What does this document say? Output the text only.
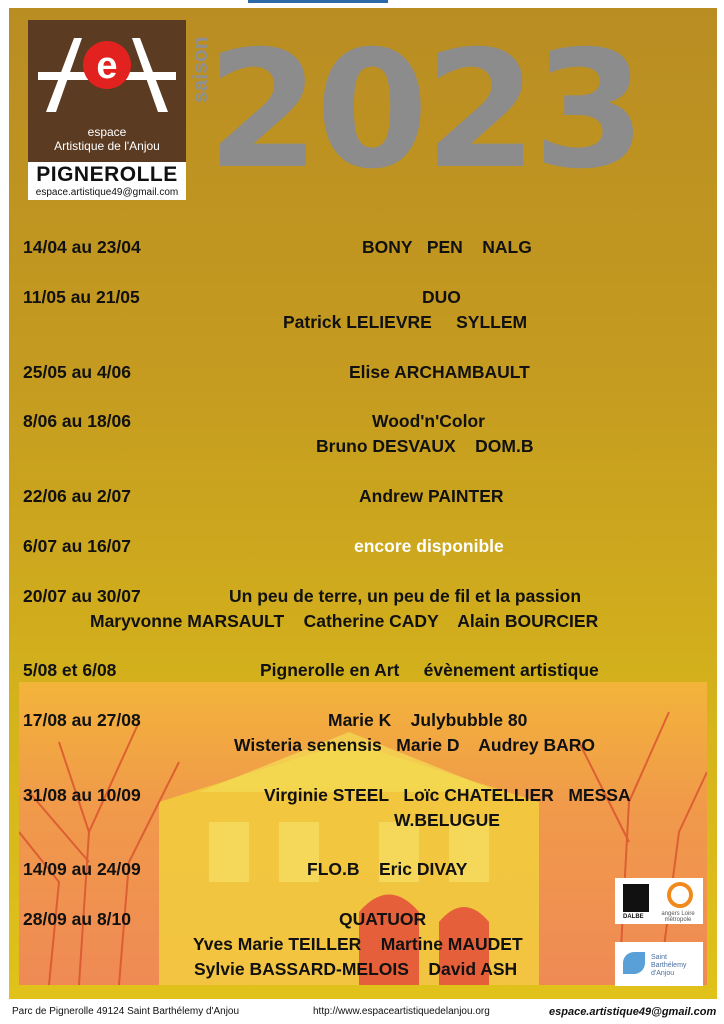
e
espace
Artistique de l'Anjou
PIGNEROLLE
espace.artistique49@gmail.com
saison
2023
14/04 au 23/04	BONY   PEN    NALG
11/05 au 21/05	DUO
Patrick LELIEVRE     SYLLEM
25/05 au 4/06	Elise ARCHAMBAULT
8/06 au 18/06	Wood'n'Color
Bruno DESVAUX    DOM.B
22/06 au 2/07	Andrew PAINTER
6/07 au 16/07	encore disponible
20/07 au 30/07	Un peu de terre, un peu de fil et la passion
Maryvonne MARSAULT    Catherine CADY    Alain BOURCIER
5/08 et 6/08	Pignerolle en Art     évènement artistique
17/08 au 27/08	Marie K    Julybubble 80
Wisteria senensis   Marie D    Audrey BARO
31/08 au 10/09	Virginie STEEL   Loïc CHATELLIER   MESSA
W.BELUGUE
14/09 au 24/09	FLO.B    Eric DIVAY
28/09 au 8/10	QUATUOR
Yves Marie TEILLER    Martine MAUDET
Sylvie BASSARD-MELOIS    David ASH
DALBE	angers Loire métropole
Saint Barthélemy d'Anjou
Parc de Pignerolle 49124 Saint Barthélemy d'Anjou	http://www.espaceartistiquedelanjou.org	espace.artistique49@gmail.com
